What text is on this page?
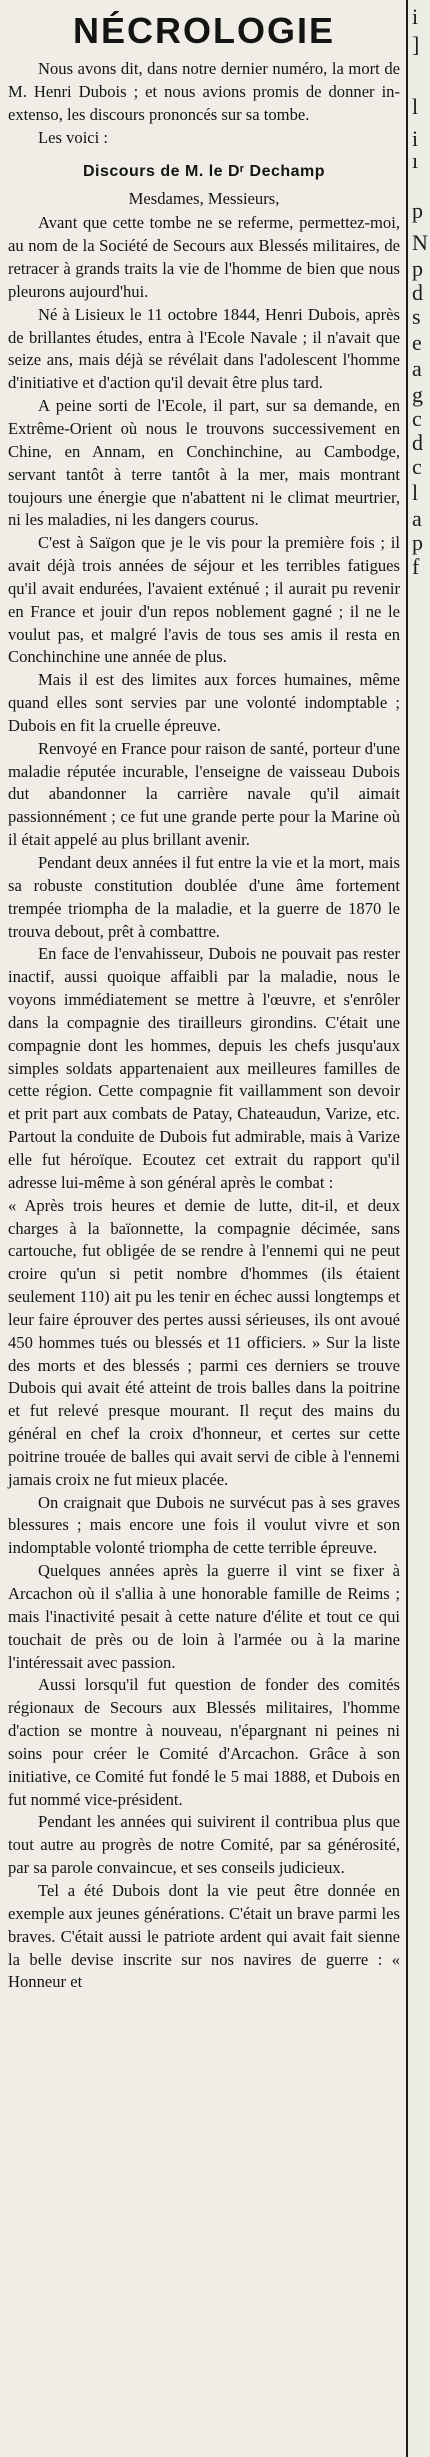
NÉCROLOGIE

Nous avons dit, dans notre dernier numéro, la mort de M. Henri Dubois ; et nous avions promis de donner in-extenso, les discours prononcés sur sa tombe.

Les voici :

Discours de M. le Dʳ Dechamp
Mesdames, Messieurs,

Avant que cette tombe ne se referme, permettez-moi, au nom de la Société de Secours aux Blessés militaires, de retracer à grands traits la vie de l'homme de bien que nous pleurons aujourd'hui.

Né à Lisieux le 11 octobre 1844, Henri Dubois, après de brillantes études, entra à l'Ecole Navale ; il n'avait que seize ans, mais déjà se révélait dans l'adolescent l'homme d'initiative et d'action qu'il devait être plus tard.

A peine sorti de l'Ecole, il part, sur sa demande, en Extrême-Orient où nous le trouvons successivement en Chine, en Annam, en Conchinchine, au Cambodge, servant tantôt à terre tantôt à la mer, mais montrant toujours une énergie que n'abattent ni le climat meurtrier, ni les maladies, ni les dangers courus.

C'est à Saïgon que je le vis pour la première fois ; il avait déjà trois années de séjour et les terribles fatigues qu'il avait endurées, l'avaient exténué ; il aurait pu revenir en France et jouir d'un repos noblement gagné ; il ne le voulut pas, et malgré l'avis de tous ses amis il resta en Conchinchine une année de plus.

Mais il est des limites aux forces humaines, même quand elles sont servies par une volonté indomptable ; Dubois en fit la cruelle épreuve.

Renvoyé en France pour raison de santé, porteur d'une maladie réputée incurable, l'enseigne de vaisseau Dubois dut abandonner la carrière navale qu'il aimait passionnément ; ce fut une grande perte pour la Marine où il était appelé au plus brillant avenir.

Pendant deux années il fut entre la vie et la mort, mais sa robuste constitution doublée d'une âme fortement trempée triompha de la maladie, et la guerre de 1870 le trouva debout, prêt à combattre.

En face de l'envahisseur, Dubois ne pouvait pas rester inactif, aussi quoique affaibli par la maladie, nous le voyons immédiatement se mettre à l'œuvre, et s'enrôler dans la compagnie des tirailleurs girondins. C'était une compagnie dont les hommes, depuis les chefs jusqu'aux simples soldats appartenaient aux meilleures familles de cette région. Cette compagnie fit vaillamment son devoir et prit part aux combats de Patay, Chateaudun, Varize, etc. Partout la conduite de Dubois fut admirable, mais à Varize elle fut héroïque. Ecoutez cet extrait du rapport qu'il adresse lui-même à son général après le combat :

« Après trois heures et demie de lutte, dit-il, et deux charges à la baïonnette, la compagnie décimée, sans cartouche, fut obligée de se rendre à l'ennemi qui ne peut croire qu'un si petit nombre d'hommes (ils étaient seulement 110) ait pu les tenir en échec aussi longtemps et leur faire éprouver des pertes aussi sérieuses, ils ont avoué 450 hommes tués ou blessés et 11 officiers. » Sur la liste des morts et des blessés ; parmi ces derniers se trouve Dubois qui avait été atteint de trois balles dans la poitrine et fut relevé presque mourant. Il reçut des mains du général en chef la croix d'honneur, et certes sur cette poitrine trouée de balles qui avait servi de cible à l'ennemi jamais croix ne fut mieux placée.

On craignait que Dubois ne survécut pas à ses graves blessures ; mais encore une fois il voulut vivre et son indomptable volonté triompha de cette terrible épreuve.

Quelques années après la guerre il vint se fixer à Arcachon où il s'allia à une honorable famille de Reims ; mais l'inactivité pesait à cette nature d'élite et tout ce qui touchait de près ou de loin à l'armée ou à la marine l'intéressait avec passion.

Aussi lorsqu'il fut question de fonder des comités régionaux de Secours aux Blessés militaires, l'homme d'action se montre à nouveau, n'épargnant ni peines ni soins pour créer le Comité d'Arcachon. Grâce à son initiative, ce Comité fut fondé le 5 mai 1888, et Dubois en fut nommé vice-président.

Pendant les années qui suivirent il contribua plus que tout autre au progrès de notre Comité, par sa générosité, par sa parole convaincue, et ses conseils judicieux.

Tel a été Dubois dont la vie peut être donnée en exemple aux jeunes générations. C'était un brave parmi les braves. C'était aussi le patriote ardent qui avait fait sienne la belle devise inscrite sur nos navires de guerre : « Honneur et

i
]
l
i
ı
p
N
p
d
s
e
a
g
c
d
c
l
a
p
f
